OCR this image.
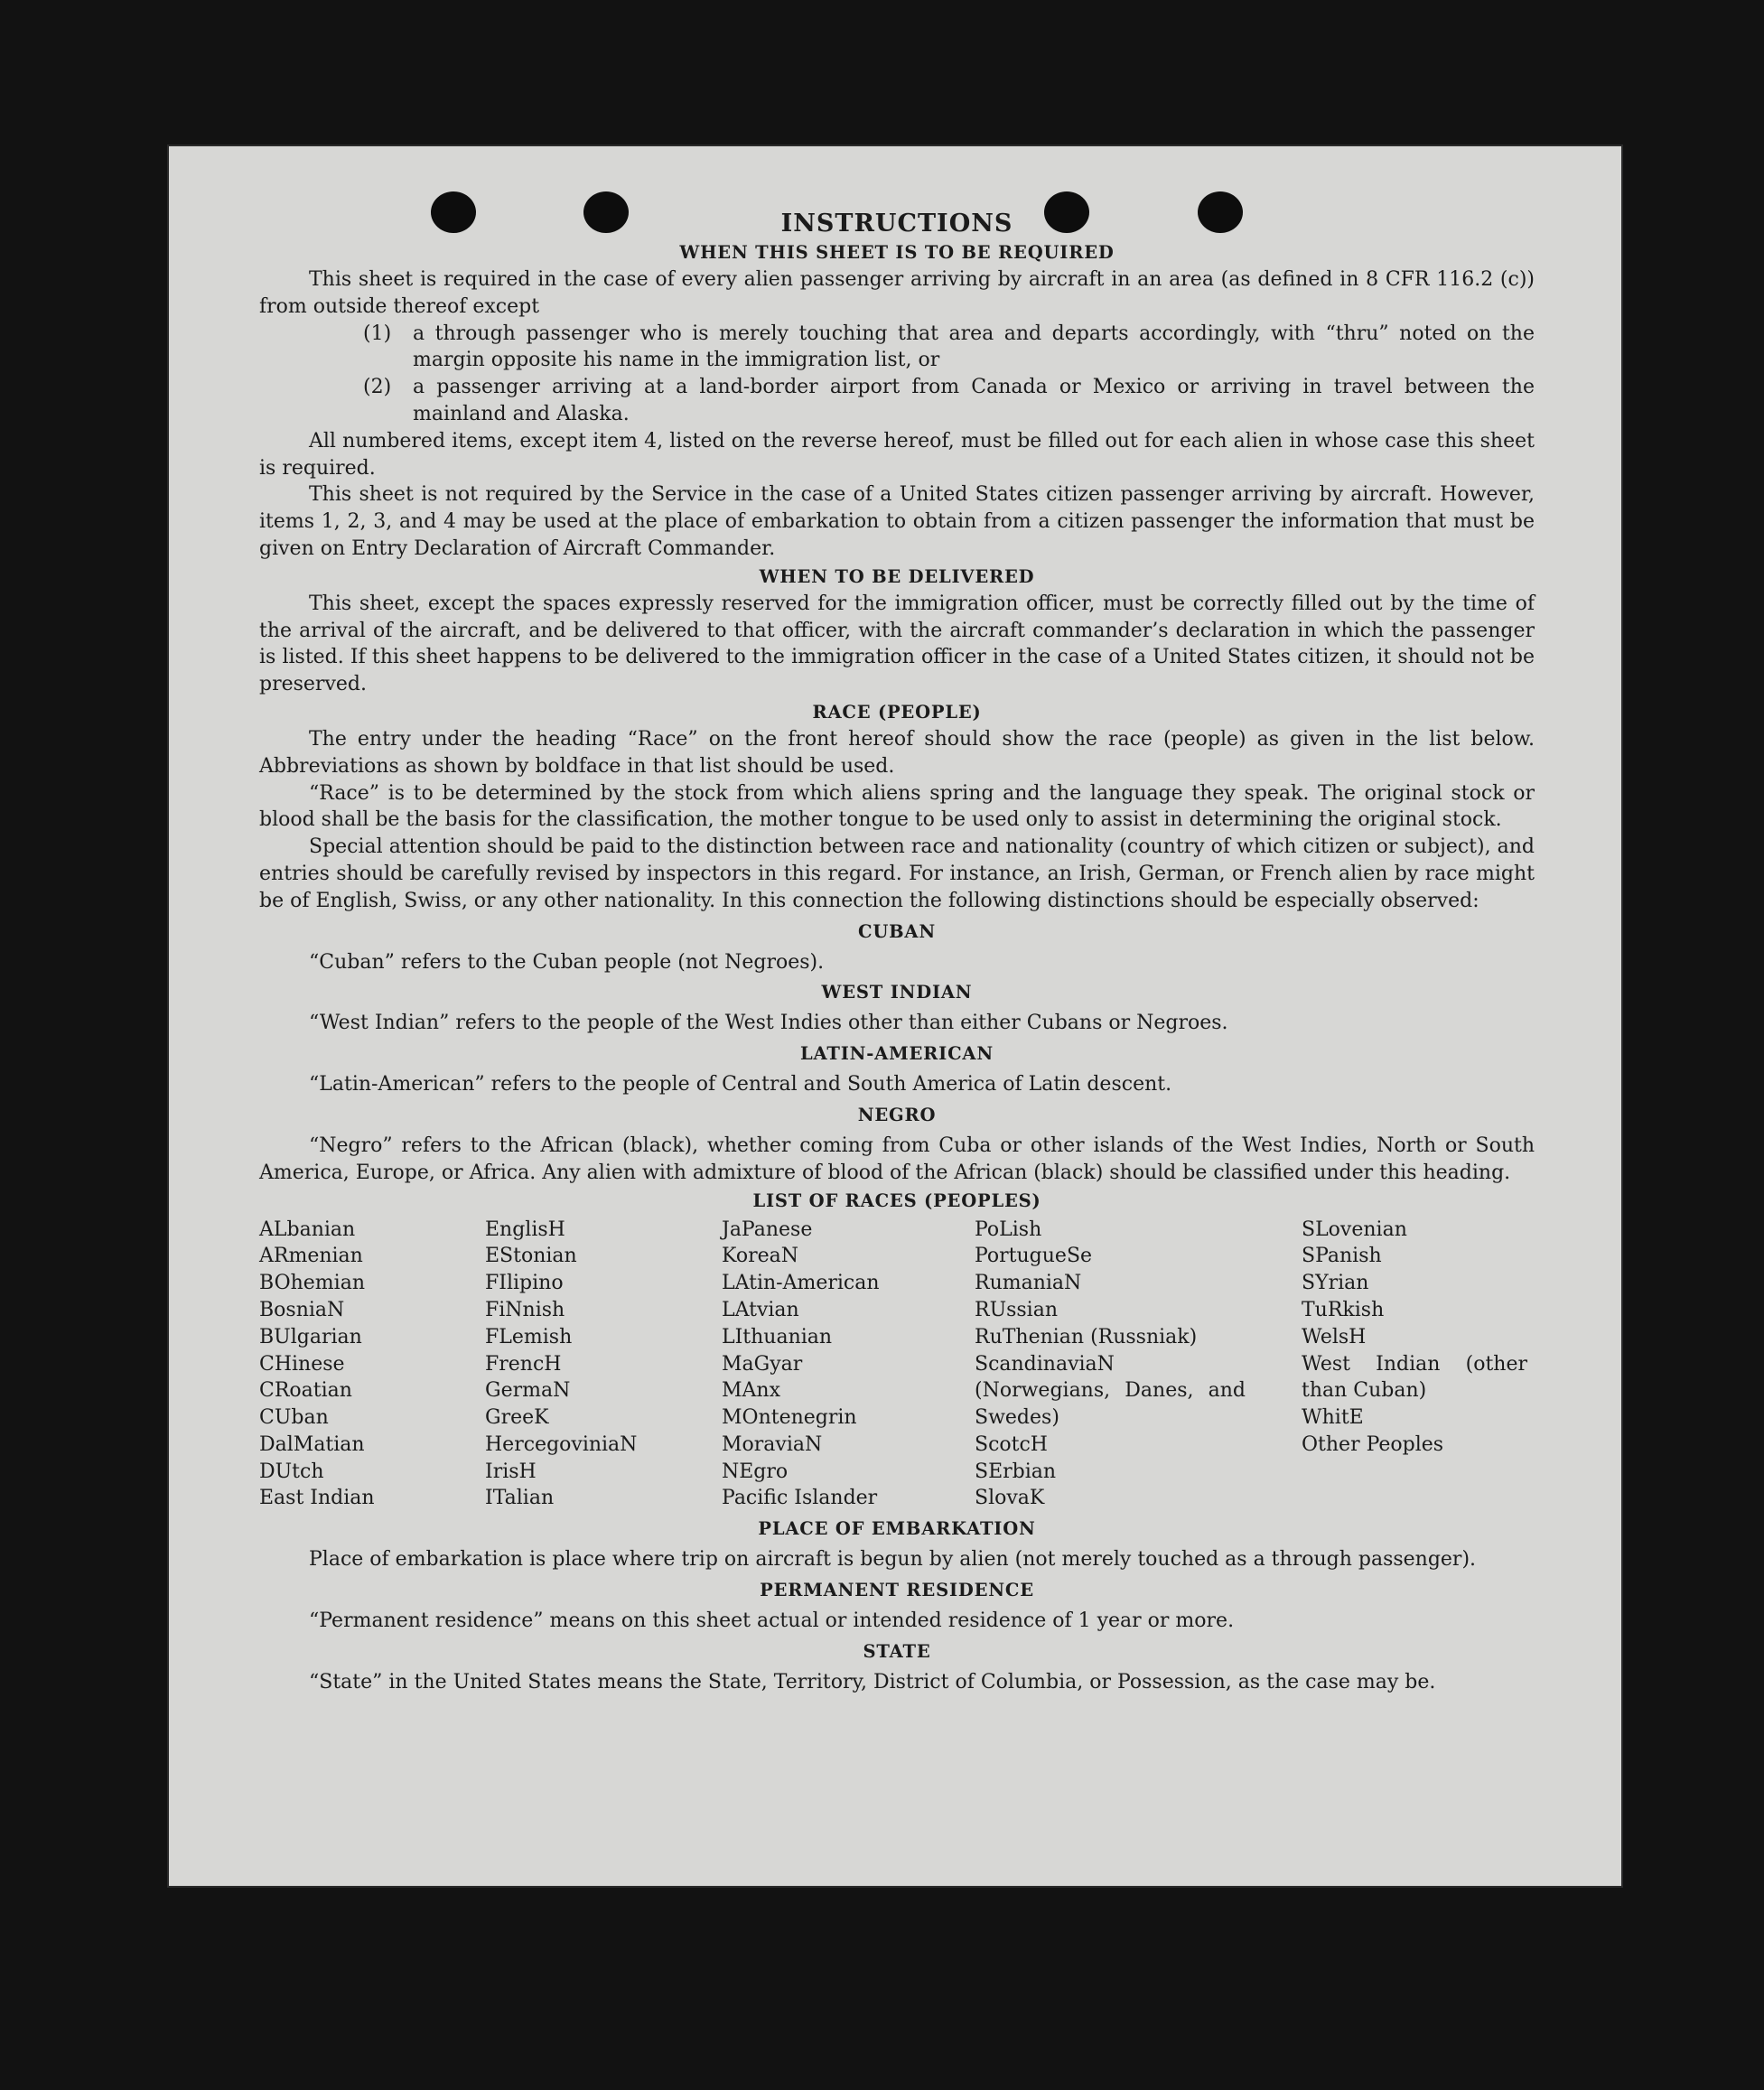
INSTRUCTIONS
WHEN THIS SHEET IS TO BE REQUIRED

This sheet is required in the case of every alien passenger arriving by aircraft in an area (as defined in 8 CFR 116.2 (c)) from outside thereof except

(1)	a through passenger who is merely touching that area and departs accordingly, with “thru” noted on the margin opposite his name in the immigration list, or
(2)	a passenger arriving at a land-border airport from Canada or Mexico or arriving in travel between the mainland and Alaska.

All numbered items, except item 4, listed on the reverse hereof, must be filled out for each alien in whose case this sheet is required.

This sheet is not required by the Service in the case of a United States citizen passenger arriving by aircraft. However, items 1, 2, 3, and 4 may be used at the place of embarkation to obtain from a citizen passenger the information that must be given on Entry Declaration of Aircraft Commander.

WHEN TO BE DELIVERED

This sheet, except the spaces expressly reserved for the immigration officer, must be correctly filled out by the time of the arrival of the aircraft, and be delivered to that officer, with the aircraft commander’s declaration in which the passenger is listed. If this sheet happens to be delivered to the immigration officer in the case of a United States citizen, it should not be preserved.

RACE (PEOPLE)

The entry under the heading “Race” on the front hereof should show the race (people) as given in the list below. Abbreviations as shown by boldface in that list should be used.

“Race” is to be determined by the stock from which aliens spring and the language they speak. The original stock or blood shall be the basis for the classification, the mother tongue to be used only to assist in determining the original stock.

Special attention should be paid to the distinction between race and nationality (country of which citizen or subject), and entries should be carefully revised by inspectors in this regard. For instance, an Irish, German, or French alien by race might be of English, Swiss, or any other nationality. In this connection the following distinctions should be especially observed:

CUBAN

“Cuban” refers to the Cuban people (not Negroes).

WEST INDIAN

“West Indian” refers to the people of the West Indies other than either Cubans or Negroes.

LATIN-AMERICAN

“Latin-American” refers to the people of Central and South America of Latin descent.

NEGRO

“Negro” refers to the African (black), whether coming from Cuba or other islands of the West Indies, North or South America, Europe, or Africa. Any alien with admixture of blood of the African (black) should be classified under this heading.

LIST OF RACES (PEOPLES)
ALbanian
ARmenian
BOhemian
BosniaN
BUlgarian
CHinese
CRoatian
CUban
DalMatian
DUtch
East Indian
EnglisH
EStonian
FIlipino
FiNnish
FLemish
FrencH
GermaN
GreeK
HercegoviniaN
IrisH
ITalian
JaPanese
KoreaN
LAtin-American
LAtvian
LIthuanian
MaGyar
MAnx
MOntenegrin
MoraviaN
NEgro
Pacific Islander
PoLish
PortugueSe
RumaniaN
RUssian
RuThenian (Russniak)
ScandinaviaN (Norwegians, Danes, and Swedes)
ScotcH
SErbian
SlovaK
SLovenian
SPanish
SYrian
TuRkish
WelsH
West Indian (other than Cuban)
WhitE
Other Peoples
PLACE OF EMBARKATION

Place of embarkation is place where trip on aircraft is begun by alien (not merely touched as a through passenger).

PERMANENT RESIDENCE

“Permanent residence” means on this sheet actual or intended residence of 1 year or more.

STATE

“State” in the United States means the State, Territory, District of Columbia, or Possession, as the case may be.
